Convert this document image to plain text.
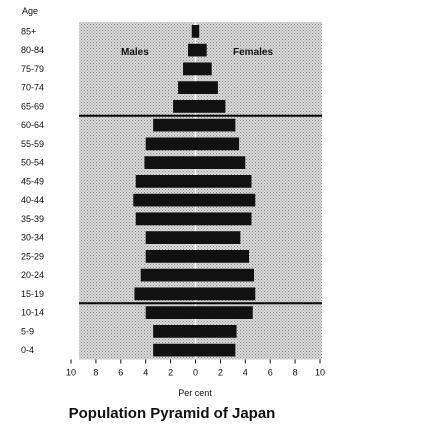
85+
80-84
75-79
70-74
65-69
60-64
55-59
50-54
45-49
40-44
35-39
30-34
25-29
20-24
15-19
10-14
5-9
0-4
10 8 6 4 2 0 2 4 6 8 10
Age
Males	Females
Per cent
Population Pyramid of Japan
